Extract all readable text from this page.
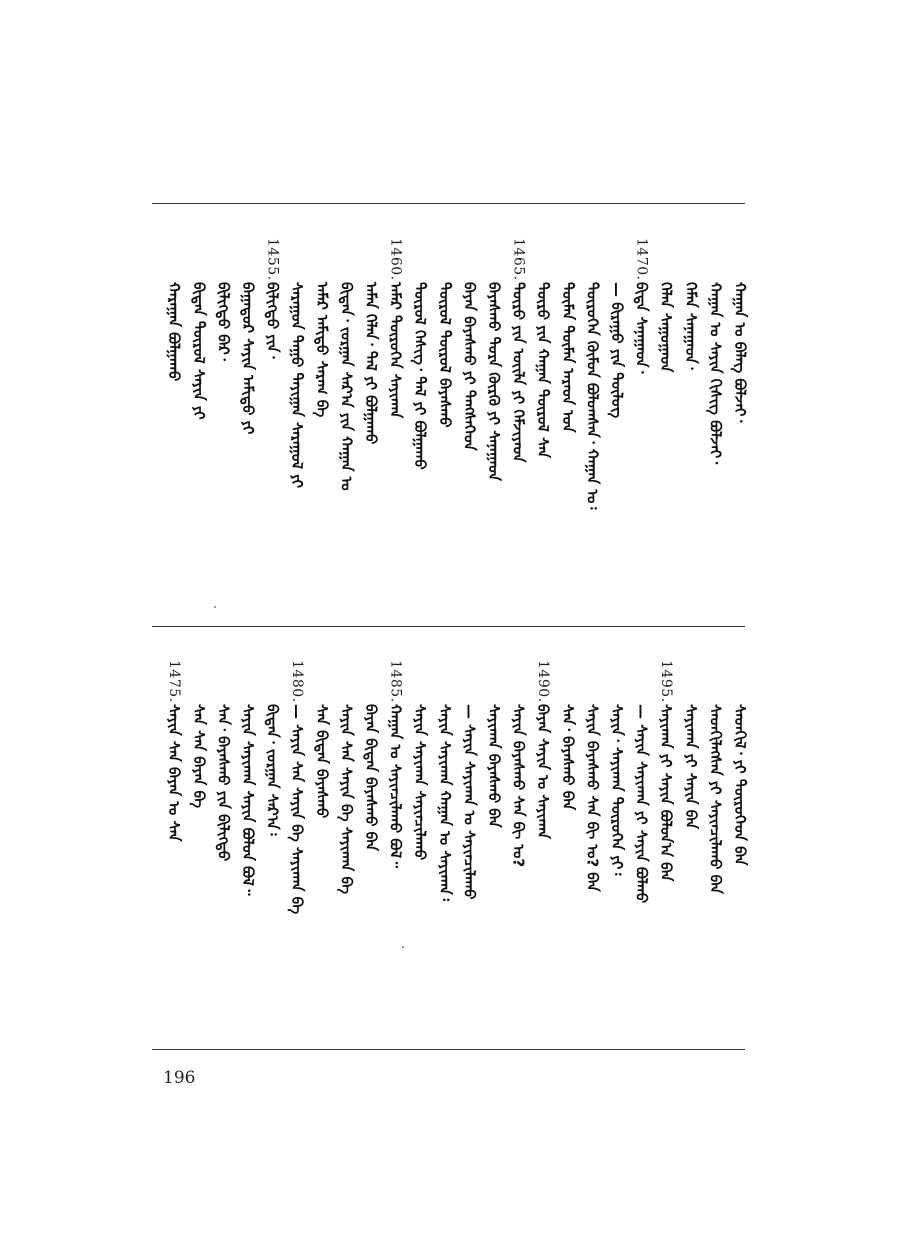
ᠬᠠᠭᠠᠨ ᠤ ᠪᠡᠯᠡᠭ ᠪᠣᠯᠵᠠᠢ᠂
ᠬᠠᠭᠠᠨ ᠤ ᠰᠠᠶᠢᠨ ᠬᠢᠰᠢᠭ ᠪᠣᠯᠵᠠᠢ᠂
ᠬᠡᠮᠡᠨ ᠰᠠᠨᠠᠭᠠᠳ᠂
ᠬᠡᠯᠡᠨ ᠰᠠᠭᠤᠭᠠᠳ
1470.
ᠪᠢᠳᠡ ᠰᠠᠨᠠᠭᠠᠳ᠂
— ᠪᠢᠷᠠᠭᠤ ᠶᠢᠨ ᠲᠥᠯᠥᠭ
ᠲᠥᠷᠥᠭᠡᠨ ᠬᠦᠮᠦᠨ ᠪᠣᠯᠤᠭᠰᠠᠨ᠂ ᠬᠠᠭᠠᠨ ᠤ᠄
ᠲᠦᠮᠡᠨ ᠲᠦᠮᠡᠨ ᠠᠷᠠᠳ ᠤᠨ
ᠲᠥᠷᠥ ᠶᠢᠨ ᠬᠠᠭᠠᠨ ᠲᠥᠷᠥᠯ ᠰᠠᠨ
1465.
ᠲᠥᠷᠥ ᠶᠢᠨ ᠦᠢᠯᠡ ᠶᠢ ᠬᠡᠮᠵᠢᠶᠡᠳ
ᠪᠠᠶᠠᠰᠬᠤ ᠳᠤᠷᠠ ᠬᠦᠷᠬᠦ ᠶᠢ ᠰᠠᠨᠠᠭᠠᠳ
ᠪᠠᠶᠠᠨ ᠪᠠᠶᠠᠰᠬᠤ ᠶᠢ ᠲᠡᠩᠰᠡᠭᠡᠳ
ᠲᠥᠷᠥᠯ ᠲᠥᠷᠥᠯ ᠪᠠᠶᠠᠰᠬᠤ
ᠲᠥᠷᠥᠯ ᠬᠡᠰᠢᠭ᠂ ᠲᠠᠯ ᠶᠢ ᠪᠣᠯᠭᠠᠬᠤ
1460.
ᠠᠮᠠᠷ ᠲᠥᠷᠥᠭᠡᠨ ᠰᠠᠶᠢᠬᠠᠨ
ᠠᠮᠠᠨ ᠬᠡᠯᠡᠨ᠂ ᠲᠠᠯ ᠶᠢ ᠪᠣᠯᠭᠠᠬᠤ
ᠪᠢᠳᠡᠨ᠂ ᠵᠤᠷᠭᠠᠨ ᠰᠠᠷ᠎ᠠ ᠶᠢᠨ ᠬᠠᠭᠠᠨ ᠤ
ᠠᠮᠠᠷ ᠠᠮᠢᠳᠤ ᠰᠠᠷᠠᠭ ᠪᠡ
ᠰᠠᠷᠠᠭᠤᠨ ᠳᠠᠭᠤ ᠲᠠᠶᠢᠭᠠᠨ ᠰᠠᠷᠠᠭᠤᠯ ᠶᠢ
1455.
ᠪᠢᠯᠢᠭᠲᠦ ᠶᠢᠨ᠂
ᠪᠠᠭᠠᠲᠤᠷ ᠰᠠᠶᠢᠨ ᠠᠮᠢᠳᠤ ᠶᠢ
ᠪᠢᠯᠢᠭᠲᠦ ᠪᠡᠷ᠂
ᠪᠢᠳᠡᠨ ᠲᠥᠷᠥᠯ ᠰᠠᠶᠢᠨ ᠶᠢ
ᠬᠠᠷᠠᠭᠠᠨ ᠪᠣᠯᠭᠠᠬᠤ
ᠰᠡᠳᠬᠢᠯ᠂ ᠶᠢ ᠲᠥᠷᠥᠭᠡᠳ ᠪᠠᠨ
ᠰᠡᠳᠬᠢᠯᠡᠭᠰᠡᠨ ᠶᠢ ᠰᠠᠶᠢᠨᠴᠢᠯᠠᠬᠤ ᠪᠠᠨ
ᠰᠠᠶᠢᠬᠠᠨ ᠶᠢ ᠰᠠᠶᠢᠨ ᠪᠠᠨ
1495.
ᠰᠠᠶᠢᠬᠠᠨ ᠶᠢ ᠰᠠᠶᠢᠨ ᠪᠣᠯᠤᠨ᠎ᠠ ᠪᠠᠨ
— ᠰᠠᠶᠢᠨ ᠰᠠᠶᠢᠬᠠᠨ ᠶᠢ ᠰᠠᠶᠢᠨ ᠪᠣᠯᠬᠤ
ᠰᠠᠶᠢᠨ᠂ ᠰᠠᠶᠢᠬᠠᠨ ᠲᠥᠷᠥᠭᠡᠨ ᠶᠢ᠄
ᠰᠠᠶᠢᠨ ᠪᠠᠶᠠᠰᠬᠤ ᠰᠠᠨ ᠪᠢ ᠤ? ᠪᠠᠨ
ᠰᠠᠨ᠂ ᠪᠠᠶᠠᠰᠬᠤ ᠪᠠᠨ
1490.
ᠪᠠᠶᠠᠨ ᠰᠠᠶᠢᠨ ᠤ ᠰᠠᠶᠢᠬᠠᠨ
ᠰᠠᠶᠢᠨ ᠪᠠᠶᠠᠰᠬᠤ ᠰᠠᠨ ᠪᠢ ᠤ?
ᠰᠠᠶᠢᠬᠠᠨ ᠪᠠᠶᠠᠰᠬᠤ ᠪᠠᠨ
— ᠰᠠᠶᠢᠨ ᠰᠠᠶᠢᠬᠠᠨ ᠤ ᠰᠠᠶᠢᠨᠴᠢᠯᠠᠬᠤ
ᠰᠠᠶᠢᠨ ᠰᠠᠶᠢᠬᠠᠨ ᠬᠠᠭᠠᠨ ᠤ ᠰᠠᠶᠢᠬᠠᠨ᠄
ᠰᠠᠶᠢᠨ ᠰᠠᠶᠢᠬᠠᠨ ᠰᠠᠶᠢᠨᠴᠢᠯᠠᠬᠤ
1485.
ᠬᠠᠭᠠᠨ ᠤ ᠰᠠᠶᠢᠨᠴᠢᠯᠠᠬᠤ ᠪᠣᠯ᠃
ᠪᠠᠶᠠᠨ ᠪᠢᠳᠡᠨ ᠪᠠᠶᠠᠰᠬᠤ ᠪᠠᠨ
ᠰᠠᠶᠢᠨ ᠰᠠᠨ ᠰᠠᠶᠢᠨ ᠪᠡ ᠰᠠᠶᠢᠬᠠᠨ ᠪᠡ
ᠰᠠᠨ ᠪᠢᠳᠡᠨ ᠪᠠᠶᠠᠰᠬᠤ
1480.
— ᠰᠠᠶᠢᠨ ᠰᠠᠨ ᠰᠠᠶᠢᠨ ᠪᠡ ᠰᠠᠶᠢᠬᠠᠨ ᠪᠡ
ᠪᠢᠳᠡᠨ᠂ ᠵᠤᠷᠭᠠᠨ ᠰᠠᠷ᠎ᠠ᠄
ᠰᠠᠶᠢᠨ ᠰᠠᠶᠢᠬᠠᠨ ᠰᠠᠶᠢᠨ ᠪᠣᠯᠤᠨ ᠪᠣᠯ᠃
ᠰᠠᠨ᠂ ᠪᠠᠶᠠᠰᠬᠤ ᠶᠢᠨ ᠪᠢᠯᠢᠭᠲᠦ
ᠰᠠᠨ ᠰᠠᠨ ᠪᠠᠶᠠᠨ ᠪᠡ
1475.
ᠰᠠᠶᠢᠨ ᠰᠠᠨ ᠪᠠᠶᠠᠨ ᠤ ᠰᠠᠨ
196
